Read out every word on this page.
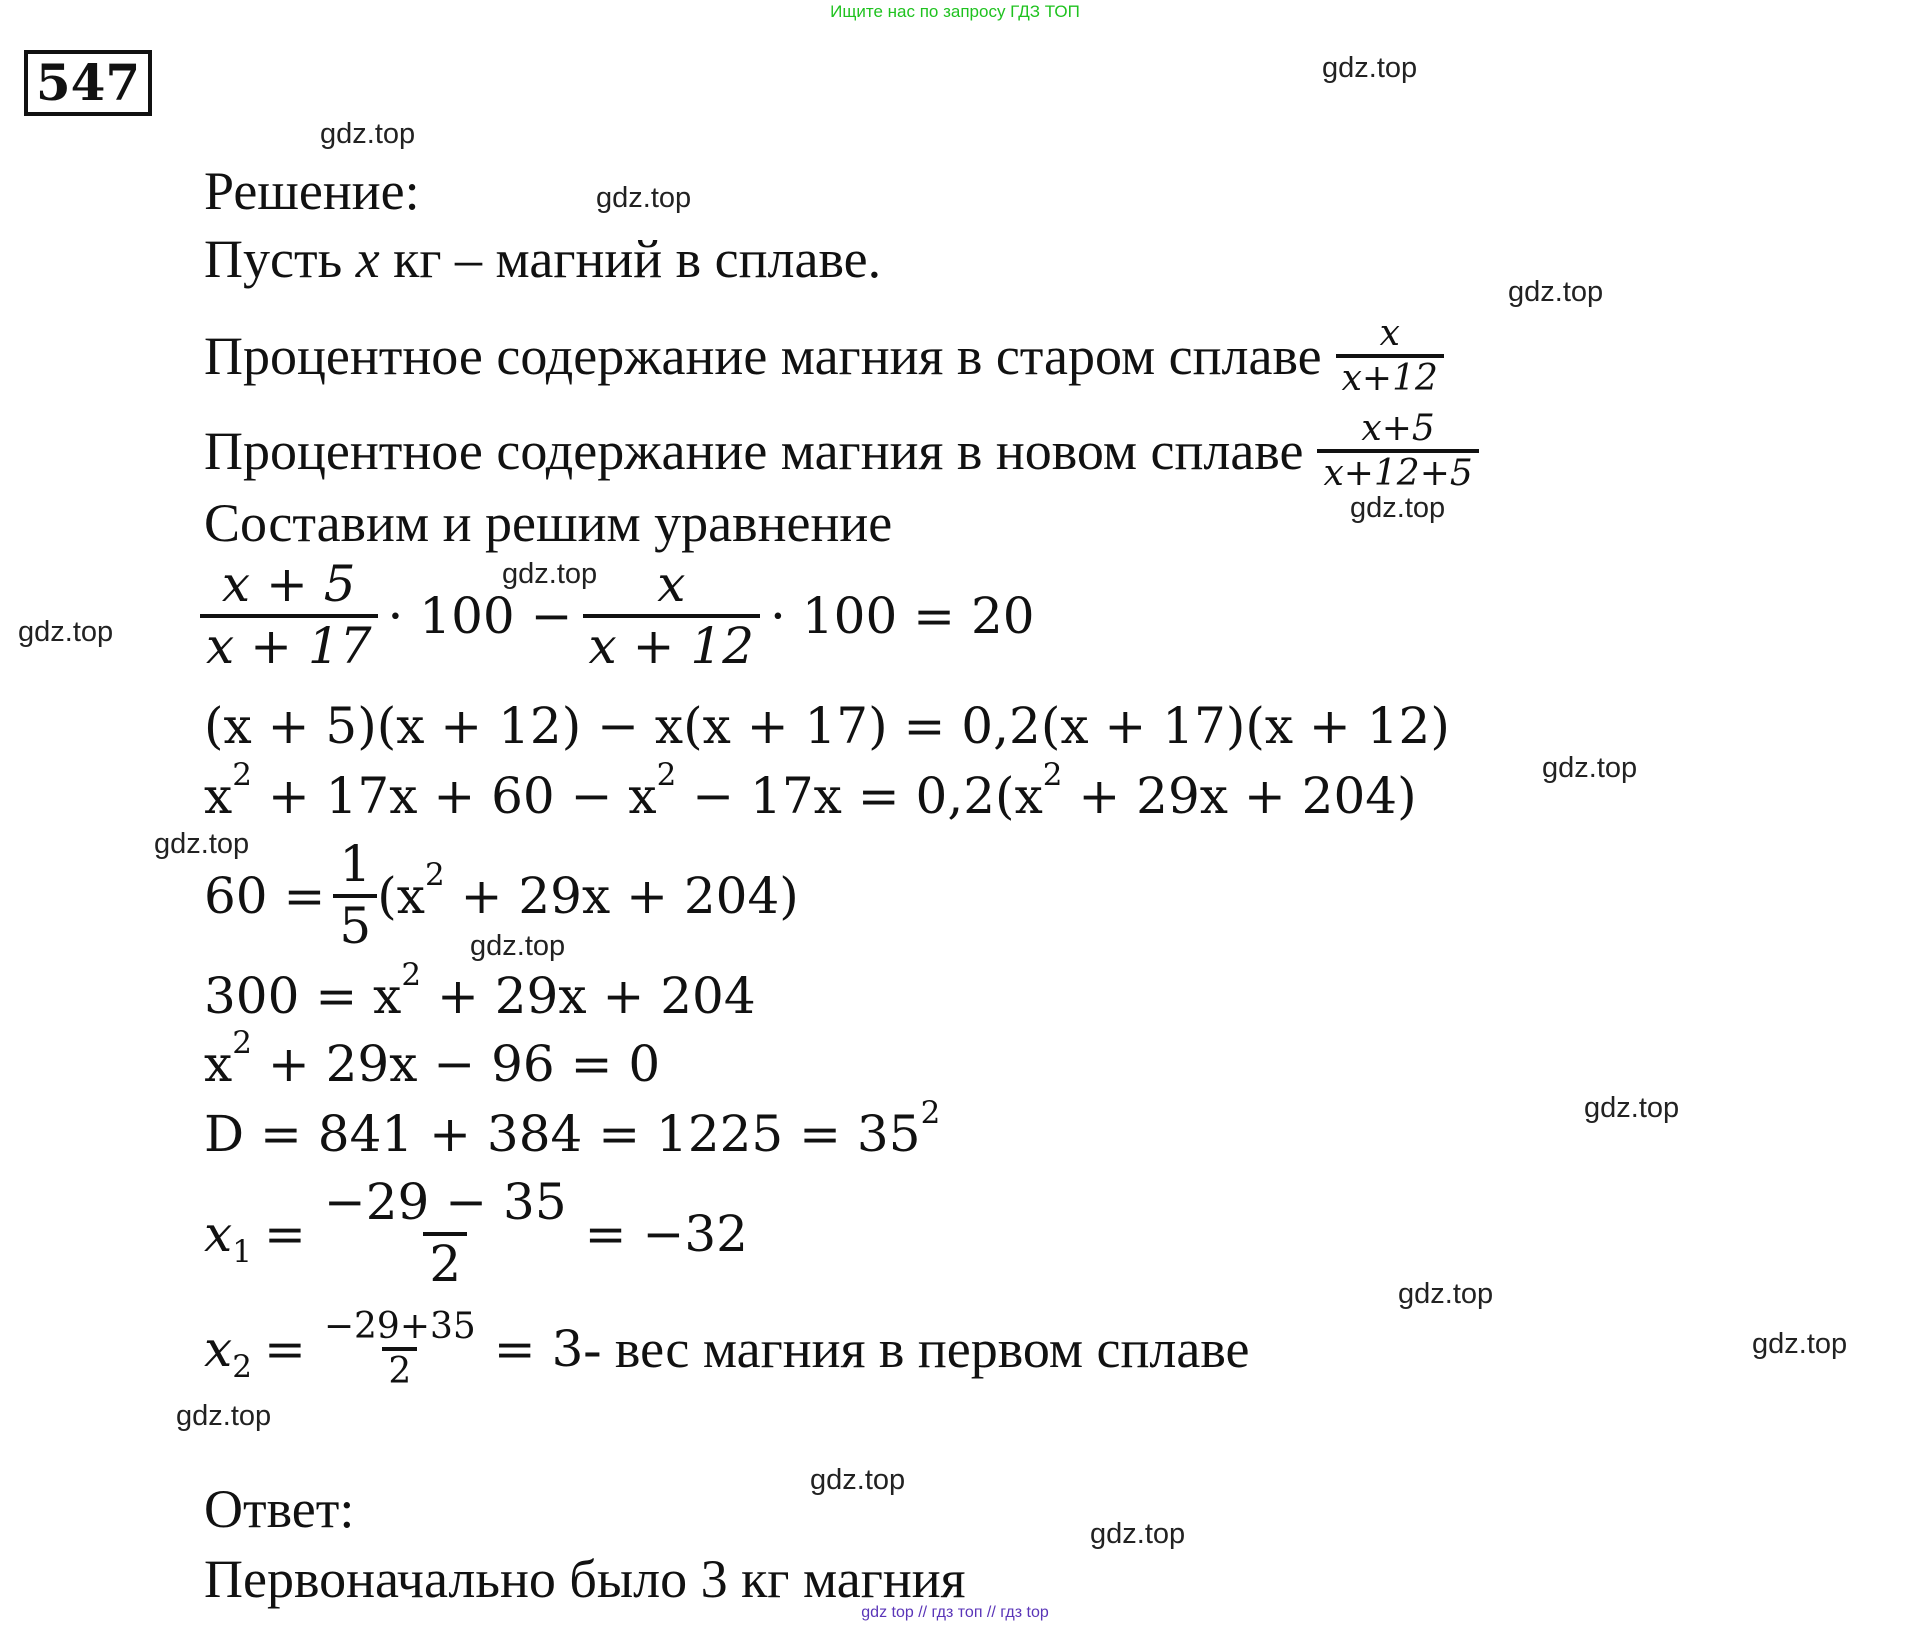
Ищите нас по запросу ГДЗ ТОП
547	gdz.top
gdz.top
gdz.top
gdz.top
gdz.top
gdz.top
gdz.top
gdz.top
gdz.top
gdz.top
gdz.top
gdz.top
gdz.top
gdz.top
gdz.top
gdz.top
Решение:
Пусть x кг – магний в сплаве.
Процентное содержание магния в старом сплаве $\frac{x}{x+12}$
Процентное содержание магния в новом сплаве $\frac{x+5}{x+12+5}$
Составим и решим уравнение
$\frac{x + 5}{x + 17} \cdot 100 - \frac{x}{x + 12} \cdot 100 = 20$
(x + 5)(x + 12) − x(x + 17) = 0,2(x + 17)(x + 12)
$x^2 + 17x + 60 - x^2 - 17x = 0,2(x^2 + 29x + 204)$
$60 = \frac{1}{5} (x^2 + 29x + 204)$
$300 = x^2 + 29x + 204$
$x^2 + 29x - 96 = 0$
$D = 841 + 384 = 1225 = 35^2$
$x_1 = \frac{-29 - 35}{2} = -32$
$x_2 = \frac{-29+35}{2} = 3$ - вес магния в первом сплаве
Ответ:
Первоначально было 3 кг магния
gdz top // гдз топ // гдз top
